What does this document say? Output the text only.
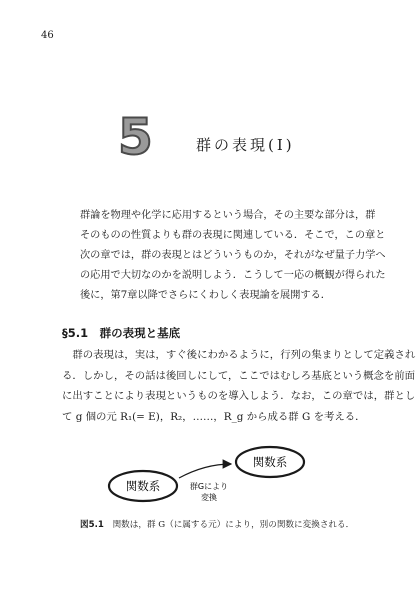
46
5	群の表現(I)

群論を物理や化学に応用するという場合，その主要な部分は，群

そのものの性質よりも群の表現に関連している．そこで，この章と

次の章では，群の表現とはどういうものか，それがなぜ量子力学へ

の応用で大切なのかを説明しよう．こうして一応の概観が得られた

後に，第7章以降でさらにくわしく表現論を展開する．

§5.1　群の表現と基底

　群の表現は，実は，すぐ後にわかるように，行列の集まりとして定義され

る．しかし，その話は後回しにして，ここではむしろ基底という概念を前面

に出すことにより表現というものを導入しよう．なお，この章では，群とし

て g 個の元 R₁(= E)，R₂，……，R_g から成る群 G を考える．

関数系
関数系
群Gにより
変換
図5.1 関数は，群 G（に属する元）により，別の関数に変換される．
